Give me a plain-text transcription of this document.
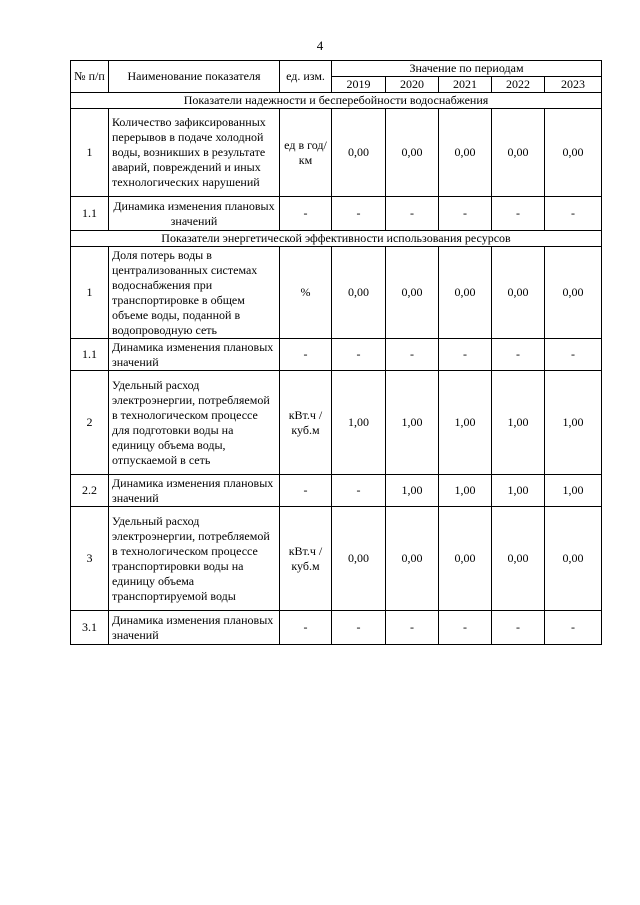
4
№ п/п	Наименование показателя	ед. изм.	Значение по периодам				
			2019	2020	2021	2022	2023
Показатели надежности и бесперебойности водоснабжения							
1	Количество зафиксированных перерывов в подаче холодной воды, возникших в результате аварий, повреждений и иных технологических нарушений	ед в год/ км	0,00	0,00	0,00	0,00	0,00
1.1	Динамика изменения плановых значений	-	-	-	-	-	-
Показатели энергетической эффективности использования ресурсов							
1	Доля потерь воды в централизованных системах водоснабжения при транспортировке в общем объеме воды, поданной в водопроводную сеть	%	0,00	0,00	0,00	0,00	0,00
1.1	Динамика изменения плановых значений	-	-	-	-	-	-
2	Удельный расход электроэнергии, потребляемой в технологическом процессе для подготовки воды на единицу объема воды, отпускаемой в сеть	кВт.ч / куб.м	1,00	1,00	1,00	1,00	1,00
2.2	Динамика изменения плановых значений	-	-	1,00	1,00	1,00	1,00
3	Удельный расход электроэнергии, потребляемой в технологическом процессе транспортировки воды на единицу объема транспортируемой воды	кВт.ч / куб.м	0,00	0,00	0,00	0,00	0,00
3.1	Динамика изменения плановых значений	-	-	-	-	-	-
